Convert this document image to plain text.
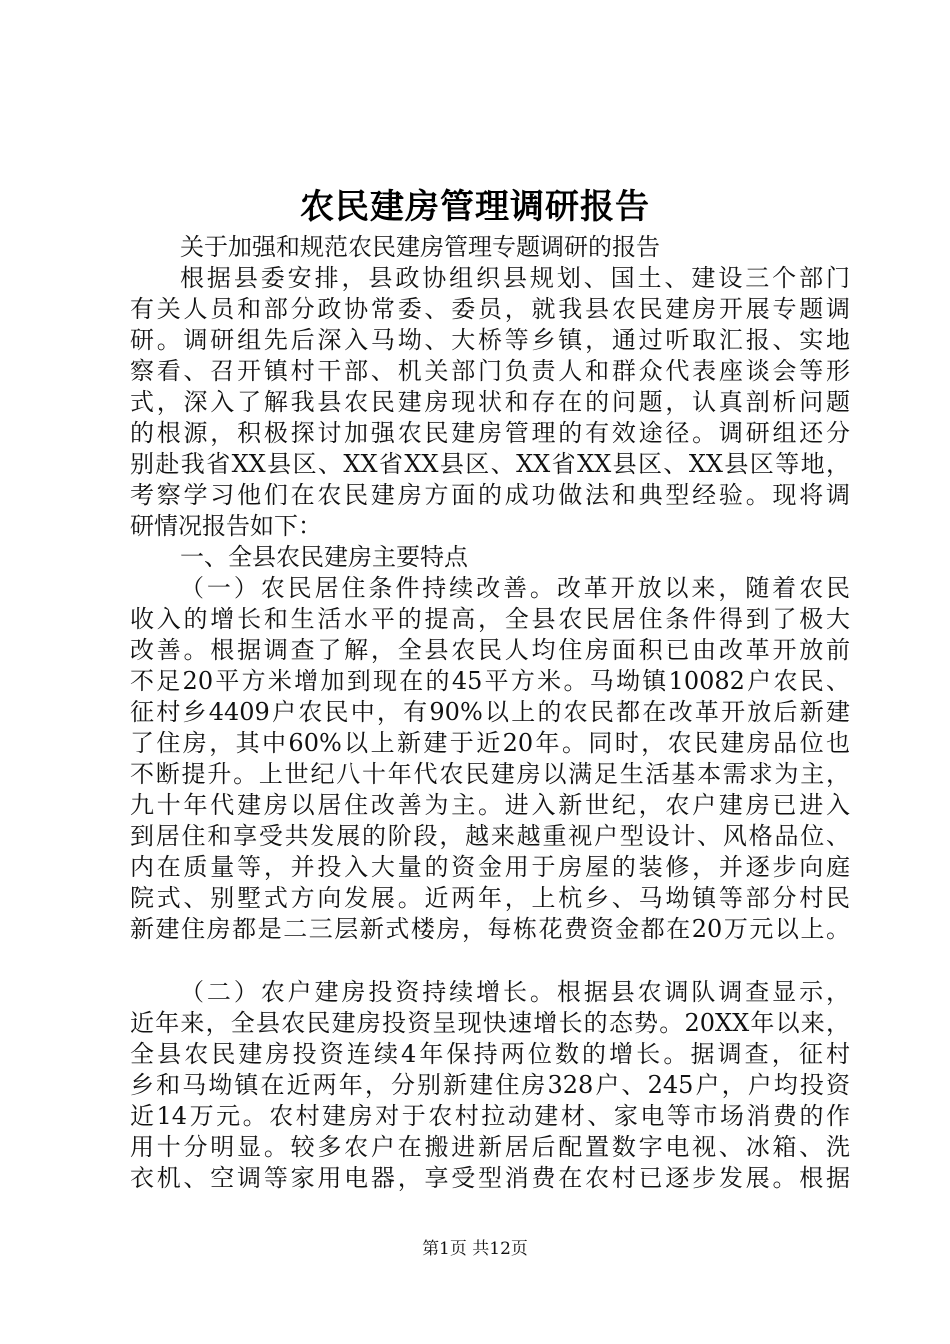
农民建房管理调研报告
关于加强和规范农民建房管理专题调研的报告
根据县委安排，县政协组织县规划、国土、建设三个部门
有关人员和部分政协常委、委员，就我县农民建房开展专题调
研。调研组先后深入马坳、大桥等乡镇，通过听取汇报、实地
察看、召开镇村干部、机关部门负责人和群众代表座谈会等形
式，深入了解我县农民建房现状和存在的问题，认真剖析问题
的根源，积极探讨加强农民建房管理的有效途径。调研组还分
别赴我省XX县区、XX省XX县区、XX省XX县区、XX县区等地，
考察学习他们在农民建房方面的成功做法和典型经验。现将调
研情况报告如下：
一、全县农民建房主要特点
（一）农民居住条件持续改善。改革开放以来，随着农民
收入的增长和生活水平的提高，全县农民居住条件得到了极大
改善。根据调查了解，全县农民人均住房面积已由改革开放前
不足20平方米增加到现在的45平方米。马坳镇10082户农民、
征村乡4409户农民中，有90%以上的农民都在改革开放后新建
了住房，其中60%以上新建于近20年。同时，农民建房品位也
不断提升。上世纪八十年代农民建房以满足生活基本需求为主，
九十年代建房以居住改善为主。进入新世纪，农户建房已进入
到居住和享受共发展的阶段，越来越重视户型设计、风格品位、
内在质量等，并投入大量的资金用于房屋的装修，并逐步向庭
院式、别墅式方向发展。近两年，上杭乡、马坳镇等部分村民
新建住房都是二三层新式楼房，每栋花费资金都在20万元以上。
（二）农户建房投资持续增长。根据县农调队调查显示，
近年来，全县农民建房投资呈现快速增长的态势。20XX年以来，
全县农民建房投资连续4年保持两位数的增长。据调查，征村
乡和马坳镇在近两年，分别新建住房328户、245户，户均投资
近14万元。农村建房对于农村拉动建材、家电等市场消费的作
用十分明显。较多农户在搬进新居后配置数字电视、冰箱、洗
衣机、空调等家用电器，享受型消费在农村已逐步发展。根据
第1页 共12页
